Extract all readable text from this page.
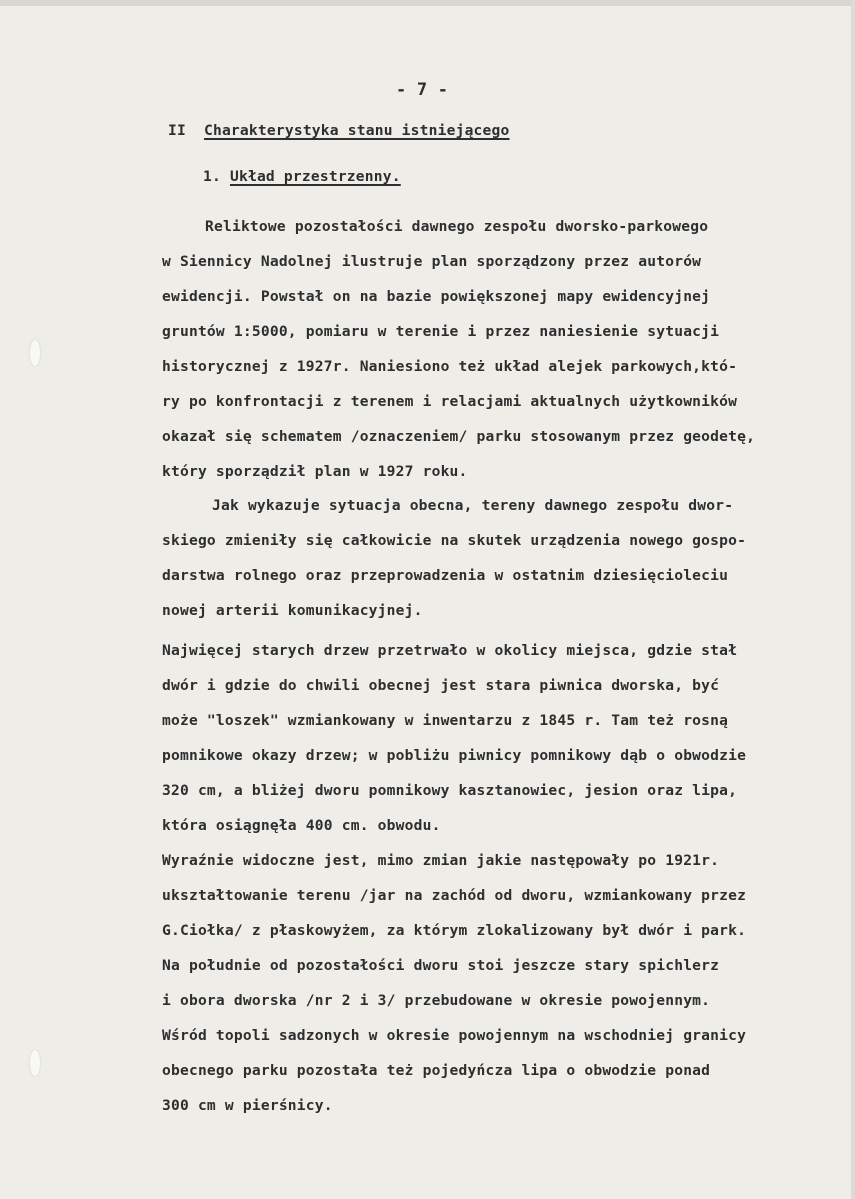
- 7 -
II Charakterystyka stanu istniejącego
1. Układ przestrzenny.
Reliktowe pozostałości dawnego zespołu dworsko-parkowego
w Siennicy Nadolnej ilustruje plan sporządzony przez autorów
ewidencji. Powstał on na bazie powiększonej mapy ewidencyjnej
gruntów 1:5000, pomiaru w terenie i przez naniesienie sytuacji
historycznej z 1927r. Naniesiono też układ alejek parkowych,któ-
ry po konfrontacji z terenem i relacjami aktualnych użytkowników
okazał się schematem /oznaczeniem/ parku stosowanym przez geodetę,
który sporządził plan w 1927 roku.
Jak wykazuje sytuacja obecna, tereny dawnego zespołu dwor-
skiego zmieniły się całkowicie na skutek urządzenia nowego gospo-
darstwa rolnego oraz przeprowadzenia w ostatnim dziesięcioleciu
nowej arterii komunikacyjnej.
Najwięcej starych drzew przetrwało w okolicy miejsca, gdzie stał
dwór i gdzie do chwili obecnej jest stara piwnica dworska, być
może "loszek" wzmiankowany w inwentarzu z 1845 r. Tam też rosną
pomnikowe okazy drzew; w pobliżu piwnicy pomnikowy dąb o obwodzie
320 cm, a bliżej dworu pomnikowy kasztanowiec, jesion oraz lipa,
która osiągnęła 400 cm. obwodu.
Wyraźnie widoczne jest, mimo zmian jakie następowały po 1921r.
ukształtowanie terenu /jar na zachód od dworu, wzmiankowany przez
G.Ciołka/ z płaskowyżem, za którym zlokalizowany był dwór i park.
Na południe od pozostałości dworu stoi jeszcze stary spichlerz
i obora dworska /nr 2 i 3/ przebudowane w okresie powojennym.
Wśród topoli sadzonych w okresie powojennym na wschodniej granicy
obecnego parku pozostała też pojedyńcza lipa o obwodzie ponad
300 cm w pierśnicy.
